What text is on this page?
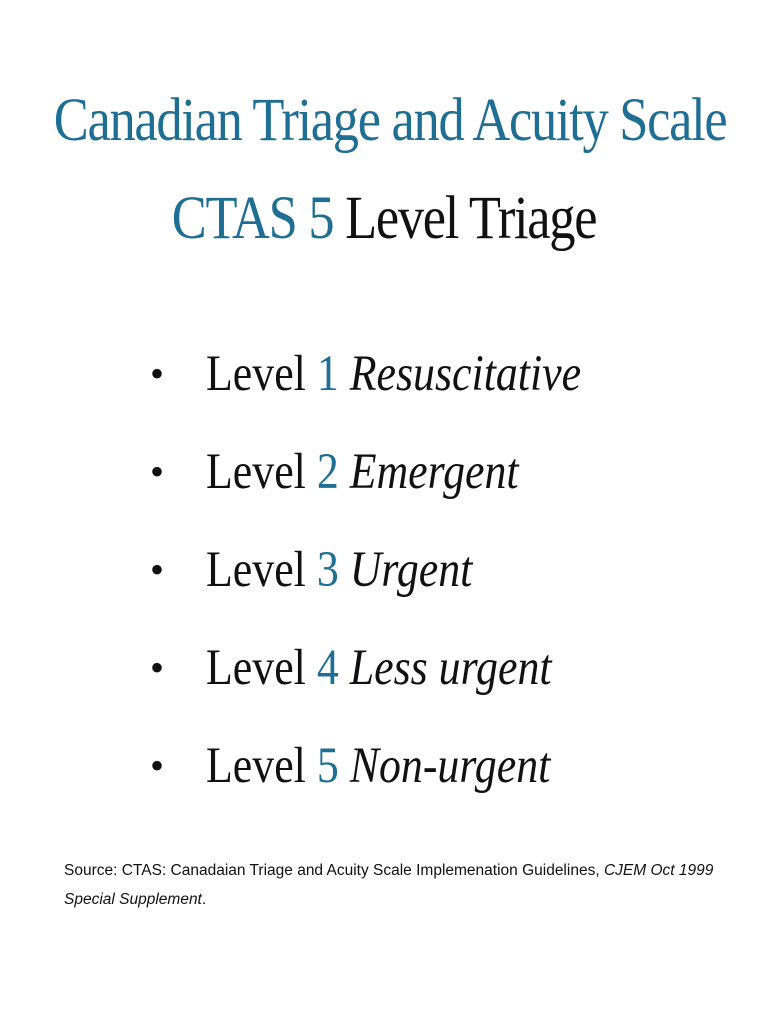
Canadian Triage and Acuity Scale
CTAS 5 Level Triage
• Level 1 Resuscitative
• Level 2 Emergent
• Level 3 Urgent
• Level 4 Less urgent
• Level 5 Non-urgent
Source: CTAS: Canadaian Triage and Acuity Scale Implemenation Guidelines, CJEM Oct 1999 Special Supplement.
